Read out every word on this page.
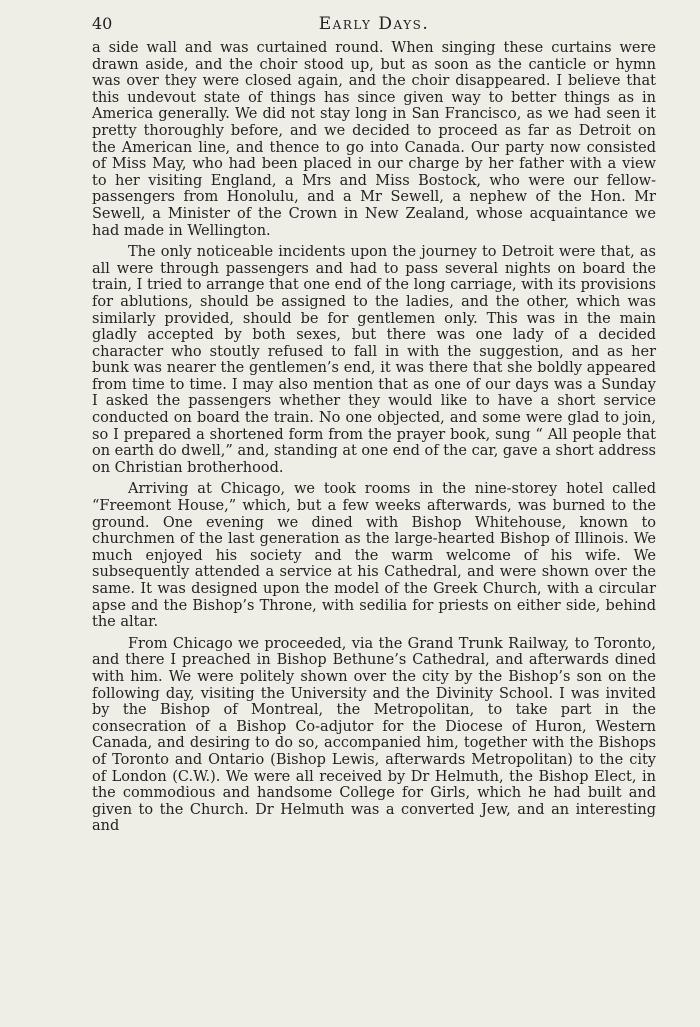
40	Early Days.

a side wall and was curtained round. When singing these curtains were drawn aside, and the choir stood up, but as soon as the canticle or hymn was over they were closed again, and the choir disappeared. I believe that this undevout state of things has since given way to better things as in America generally. We did not stay long in San Francisco, as we had seen it pretty thoroughly before, and we decided to proceed as far as Detroit on the American line, and thence to go into Canada. Our party now consisted of Miss May, who had been placed in our charge by her father with a view to her visiting England, a Mrs and Miss Bostock, who were our fellow-passengers from Honolulu, and a Mr Sewell, a nephew of the Hon. Mr Sewell, a Minister of the Crown in New Zealand, whose acquaintance we had made in Wellington.

The only noticeable incidents upon the journey to Detroit were that, as all were through passengers and had to pass several nights on board the train, I tried to arrange that one end of the long carriage, with its provisions for ablutions, should be assigned to the ladies, and the other, which was similarly provided, should be for gentlemen only. This was in the main gladly accepted by both sexes, but there was one lady of a decided character who stoutly refused to fall in with the suggestion, and as her bunk was nearer the gentlemen’s end, it was there that she boldly appeared from time to time. I may also mention that as one of our days was a Sunday I asked the passengers whether they would like to have a short service conducted on board the train. No one objected, and some were glad to join, so I prepared a shortened form from the prayer book, sung “ All people that on earth do dwell,” and, standing at one end of the car, gave a short address on Christian brotherhood.

Arriving at Chicago, we took rooms in the nine-storey hotel called “Freemont House,” which, but a few weeks afterwards, was burned to the ground. One evening we dined with Bishop Whitehouse, known to churchmen of the last generation as the large-hearted Bishop of Illinois. We much enjoyed his society and the warm welcome of his wife. We subsequently attended a service at his Cathedral, and were shown over the same. It was designed upon the model of the Greek Church, with a circular apse and the Bishop’s Throne, with sedilia for priests on either side, behind the altar.

From Chicago we proceeded, via the Grand Trunk Railway, to Toronto, and there I preached in Bishop Bethune’s Cathedral, and afterwards dined with him. We were politely shown over the city by the Bishop’s son on the following day, visiting the University and the Divinity School. I was invited by the Bishop of Montreal, the Metropolitan, to take part in the consecration of a Bishop Co-adjutor for the Diocese of Huron, Western Canada, and desiring to do so, accompanied him, together with the Bishops of Toronto and Ontario (Bishop Lewis, afterwards Metropolitan) to the city of London (C.W.). We were all received by Dr Helmuth, the Bishop Elect, in the commodious and handsome College for Girls, which he had built and given to the Church. Dr Helmuth was a converted Jew, and an interesting and
